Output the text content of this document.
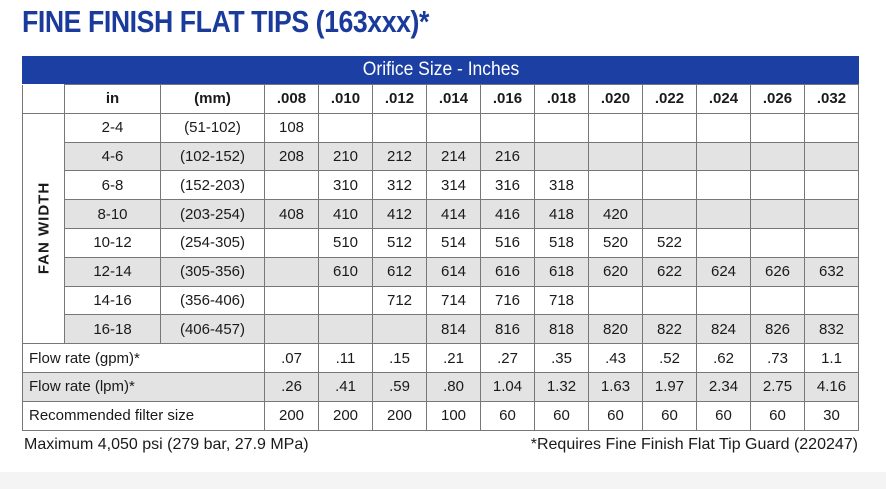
FINE FINISH FLAT TIPS (163xxx)*
Orifice Size - Inches
	in	(mm)	.008	.010	.012	.014	.016	.018	.020	.022	.024	.026	.032

FAN WIDTH	2-4	(51-102)	108										
	4-6	(102-152)	208	210	212	214	216						
	6-8	(152-203)		310	312	314	316	318					
	8-10	(203-254)	408	410	412	414	416	418	420				
	10-12	(254-305)		510	512	514	516	518	520	522			
	12-14	(305-356)		610	612	614	616	618	620	622	624	626	632
	14-16	(356-406)			712	714	716	718					
	16-18	(406-457)				814	816	818	820	822	824	826	832
Flow rate (gpm)*			.07	.11	.15	.21	.27	.35	.43	.52	.62	.73	1.1
Flow rate (lpm)*			.26	.41	.59	.80	1.04	1.32	1.63	1.97	2.34	2.75	4.16
Recommended filter size			200	200	200	100	60	60	60	60	60	60	30
Maximum 4,050 psi (279 bar, 27.9 MPa)	*Requires Fine Finish Flat Tip Guard (220247)
